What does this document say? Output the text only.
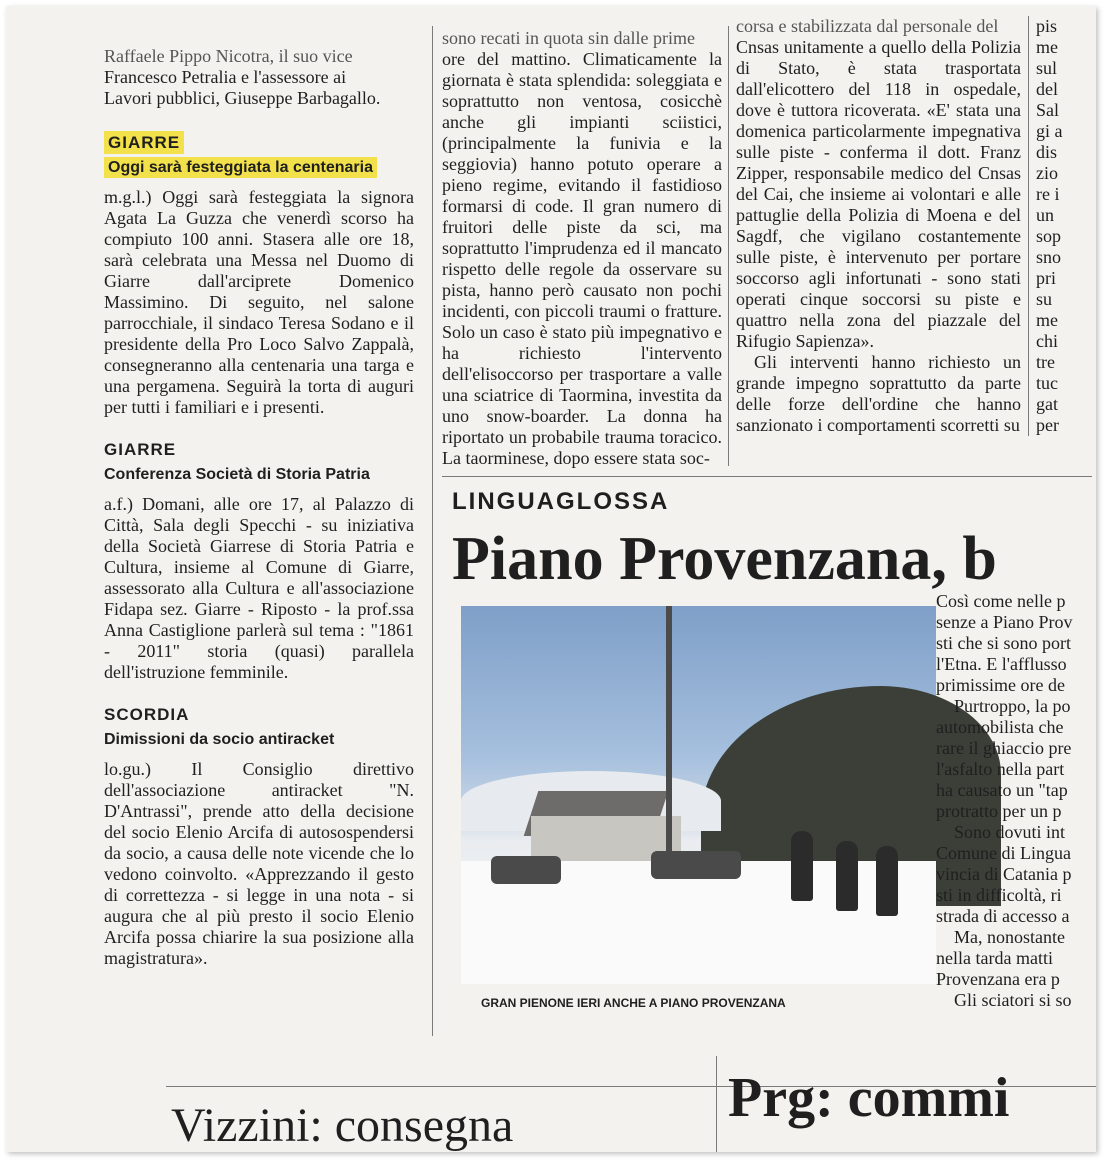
Raffaele Pippo Nicotra, il suo vice
Francesco Petralia e l'assessore ai
Lavori pubblici, Giuseppe Barbagallo.
GIARRE
Oggi sarà festeggiata la centenaria

m.g.l.) Oggi sarà festeggiata la signora Agata La Guzza che venerdì scorso ha compiuto 100 anni. Stasera alle ore 18, sarà celebrata una Messa nel Duomo di Giarre dall'arciprete Domenico Massimino. Di seguito, nel salone parrocchiale, il sindaco Teresa Sodano e il presidente della Pro Loco Salvo Zappalà, consegneranno alla centenaria una targa e una pergamena. Seguirà la torta di auguri per tutti i familiari e i presenti.

GIARRE
Conferenza Società di Storia Patria

a.f.) Domani, alle ore 17, al Palazzo di Città, Sala degli Specchi - su iniziativa della Società Giarrese di Storia Patria e Cultura, insieme al Comune di Giarre, assessorato alla Cultura e all'associazione Fidapa sez. Giarre - Riposto - la prof.ssa Anna Castiglione parlerà sul tema : "1861 - 2011" storia (quasi) parallela dell'istruzione femminile.

SCORDIA
Dimissioni da socio antiracket

lo.gu.) Il Consiglio direttivo dell'associazione antiracket "N. D'Antrassi", prende atto della decisione del socio Elenio Arcifa di autosospendersi da socio, a causa delle note vicende che lo vedono coinvolto. «Apprezzando il gesto di correttezza - si legge in una nota - si augura che al più presto il socio Elenio Arcifa possa chiarire la sua posizione alla magistratura».

sono recati in quota sin dalle prime

ore del mattino. Climaticamente la giornata è stata splendida: soleggiata e soprattutto non ventosa, cosicchè anche gli impianti sciistici, (principalmente la funivia e la seggiovia) hanno potuto operare a pieno regime, evitando il fastidioso formarsi di code. Il gran numero di fruitori delle piste da sci, ma soprattutto l'imprudenza ed il mancato rispetto delle regole da osservare su pista, hanno però causato non pochi incidenti, con piccoli traumi o fratture. Solo un caso è stato più impegnativo e ha richiesto l'intervento dell'elisoccorso per trasportare a valle una sciatrice di Taormina, investita da uno snow-boarder. La donna ha riportato un probabile trauma toracico. La taorminese, dopo essere stata soc-

corsa e stabilizzata dal personale del

Cnsas unitamente a quello della Polizia di Stato, è stata trasportata dall'elicottero del 118 in ospedale, dove è tuttora ricoverata. «E' stata una domenica particolarmente impegnativa sulle piste - conferma il dott. Franz Zipper, responsabile medico del Cnsas del Cai, che insieme ai volontari e alle pattuglie della Polizia di Moena e del Sagdf, che vigilano costantemente sulle piste, è intervenuto per portare soccorso agli infortunati - sono stati operati cinque soccorsi su piste e quattro nella zona del piazzale del Rifugio Sapienza».

Gli interventi hanno richiesto un grande impegno soprattutto da parte delle forze dell'ordine che hanno sanzionato i comportamenti scorretti su

pis
me
sul
del
Sal
gi a
dis
zio
re i
un
sop
sno
pri
su
me
chi
tre
tuc
gat
per
LINGUAGLOSSA
Piano Provenzanа, b
GRAN PIENONE IERI ANCHE A PIANO PROVENZANA
Così come nelle p
senze a Piano Prov
sti che si sono port
l'Etna. E l'afflusso
primissime ore de
Purtroppo, la po
automobilista che
rare il ghiaccio pre
l'asfalto nella part
ha causato un "tap
protratto per un p
Sono dovuti int
Comune di Lingua
vincia di Catania p
sti in difficoltà, ri
strada di accesso a
Ma, nonostante
nella tarda matti
Provenzana era p
Gli sciatori si so
Vizzini: consegna	Prg: commi
